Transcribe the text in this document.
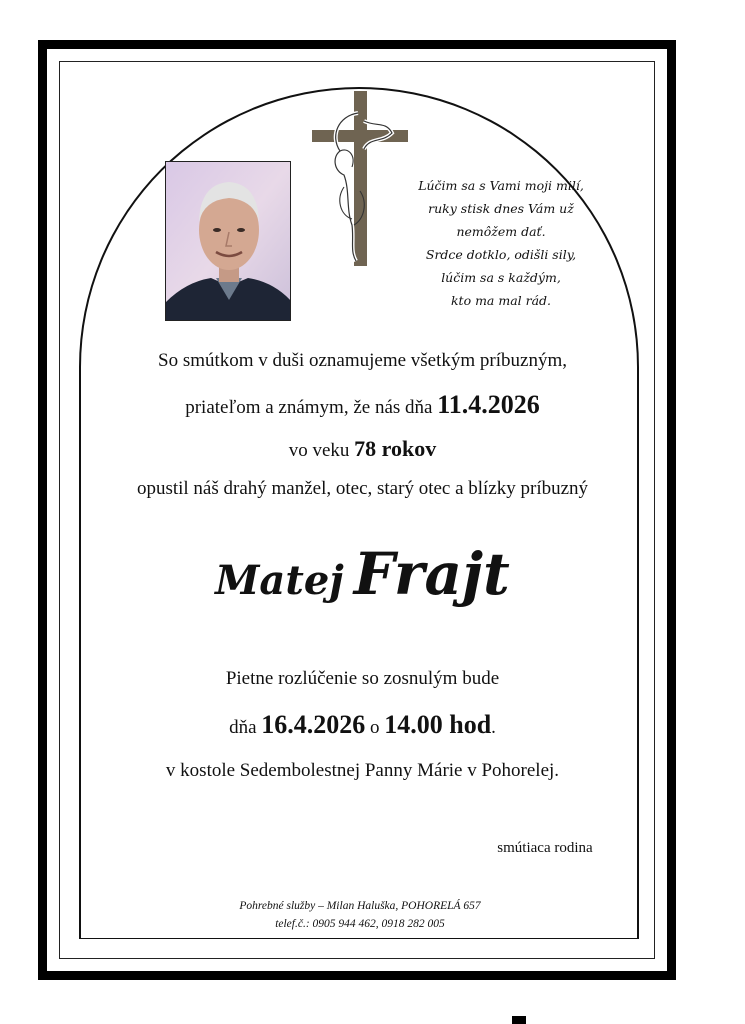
Lúčim sa s Vami moji milí,
ruky stisk dnes Vám už
nemôžem dať.
Srdce dotklo, odišli sily,
lúčim sa s každým,
kto ma mal rád.
So smútkom v duši oznamujeme všetkým príbuzným,
priateľom a známym, že nás dňa 11.4.2026
vo veku 78 rokov
opustil náš drahý manžel, otec, starý otec a blízky príbuzný
Matej Frajt
Pietne rozlúčenie so zosnulým bude
dňa 16.4.2026 o 14.00 hod.
v kostole Sedembolestnej Panny Márie v Pohorelej.
smútiaca rodina
Pohrebné služby – Milan Haluška, POHORELÁ 657
telef.č.: 0905 944 462, 0918 282 005
